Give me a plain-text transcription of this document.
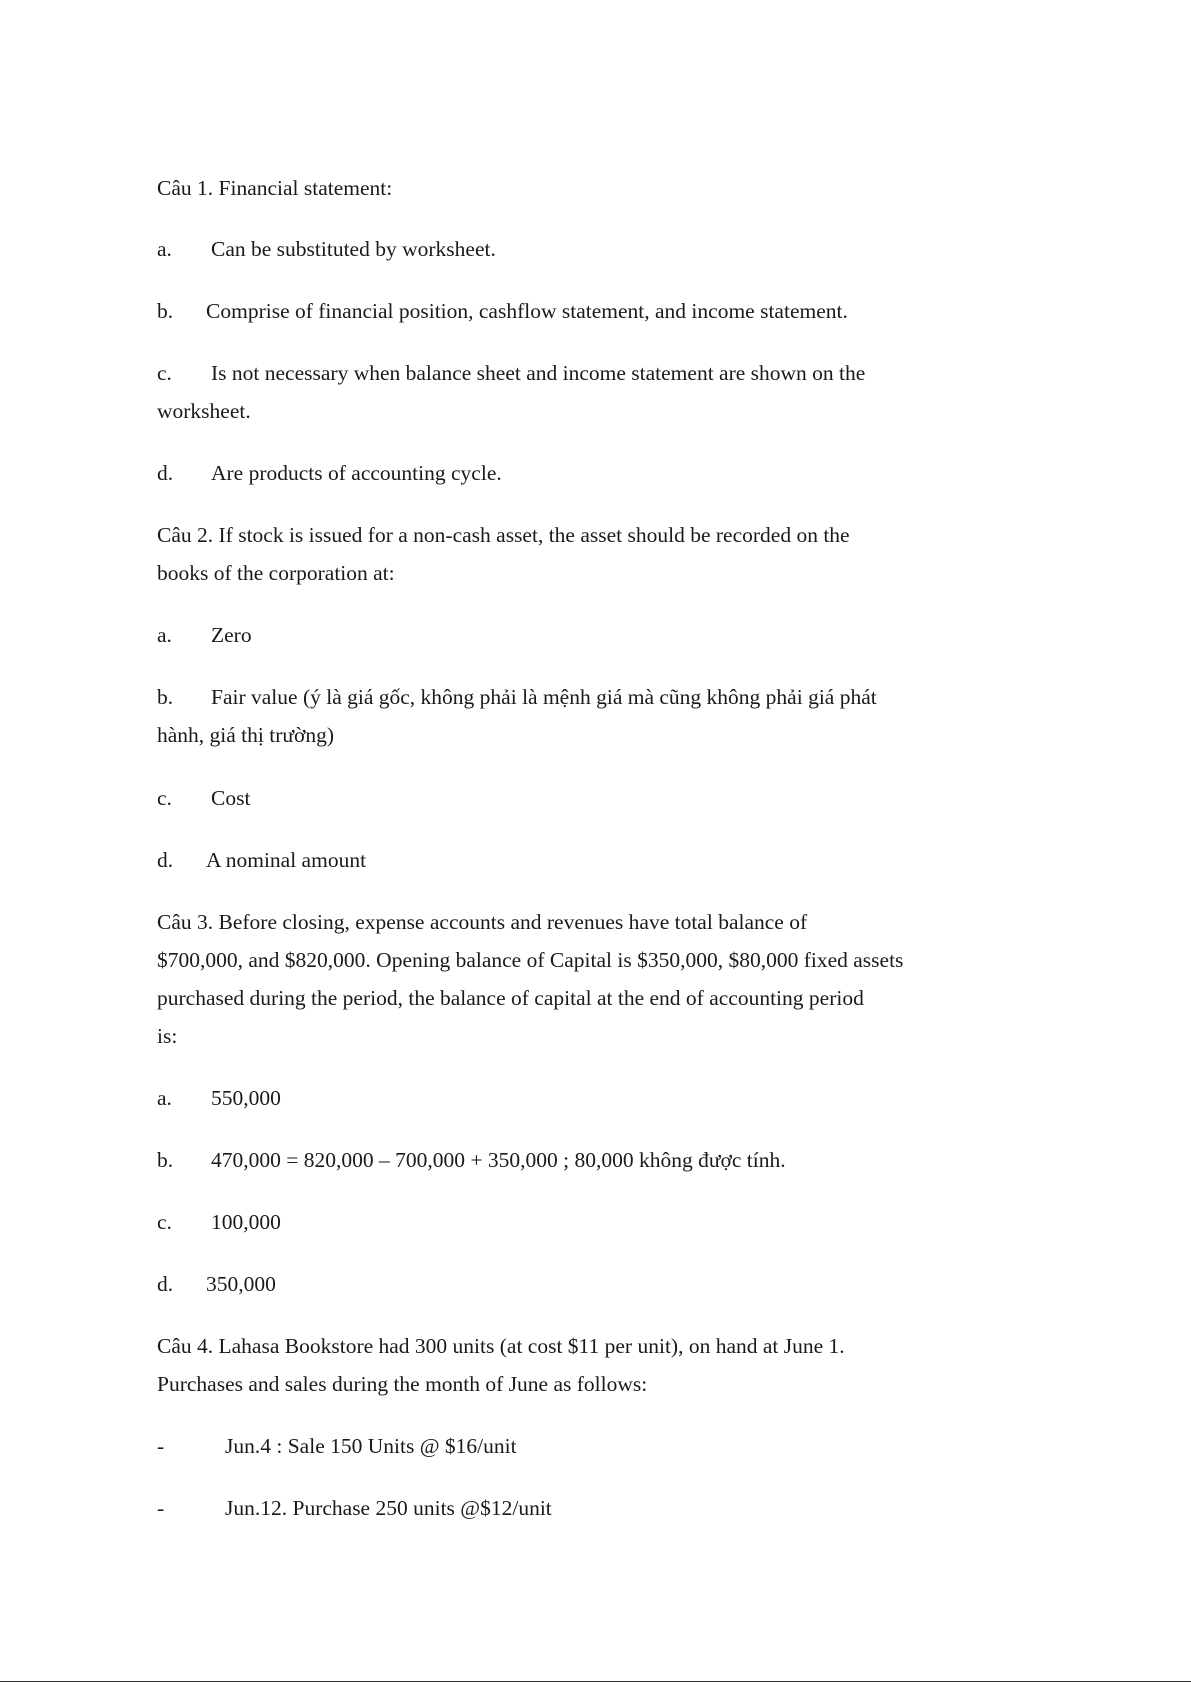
Câu 1. Financial statement:
a. Can be substituted by worksheet.
b. Comprise of financial position, cashflow statement, and income statement.
c. Is not necessary when balance sheet and income statement are shown on the
worksheet.
d. Are products of accounting cycle.
Câu 2. If stock is issued for a non-cash asset, the asset should be recorded on the
books of the corporation at:
a. Zero
b. Fair value (ý là giá gốc, không phải là mệnh giá mà cũng không phải giá phát
hành, giá thị trường)
c. Cost
d. A nominal amount
Câu 3. Before closing, expense accounts and revenues have total balance of
$700,000, and $820,000. Opening balance of Capital is $350,000, $80,000 fixed assets
purchased during the period, the balance of capital at the end of accounting period
is:
a. 550,000
b. 470,000 = 820,000 – 700,000 + 350,000 ; 80,000 không được tính.
c. 100,000
d. 350,000
Câu 4. Lahasa Bookstore had 300 units (at cost $11 per unit), on hand at June 1.
Purchases and sales during the month of June as follows:
-	Jun.4 : Sale 150 Units @ $16/unit
-	Jun.12. Purchase 250 units @$12/unit
